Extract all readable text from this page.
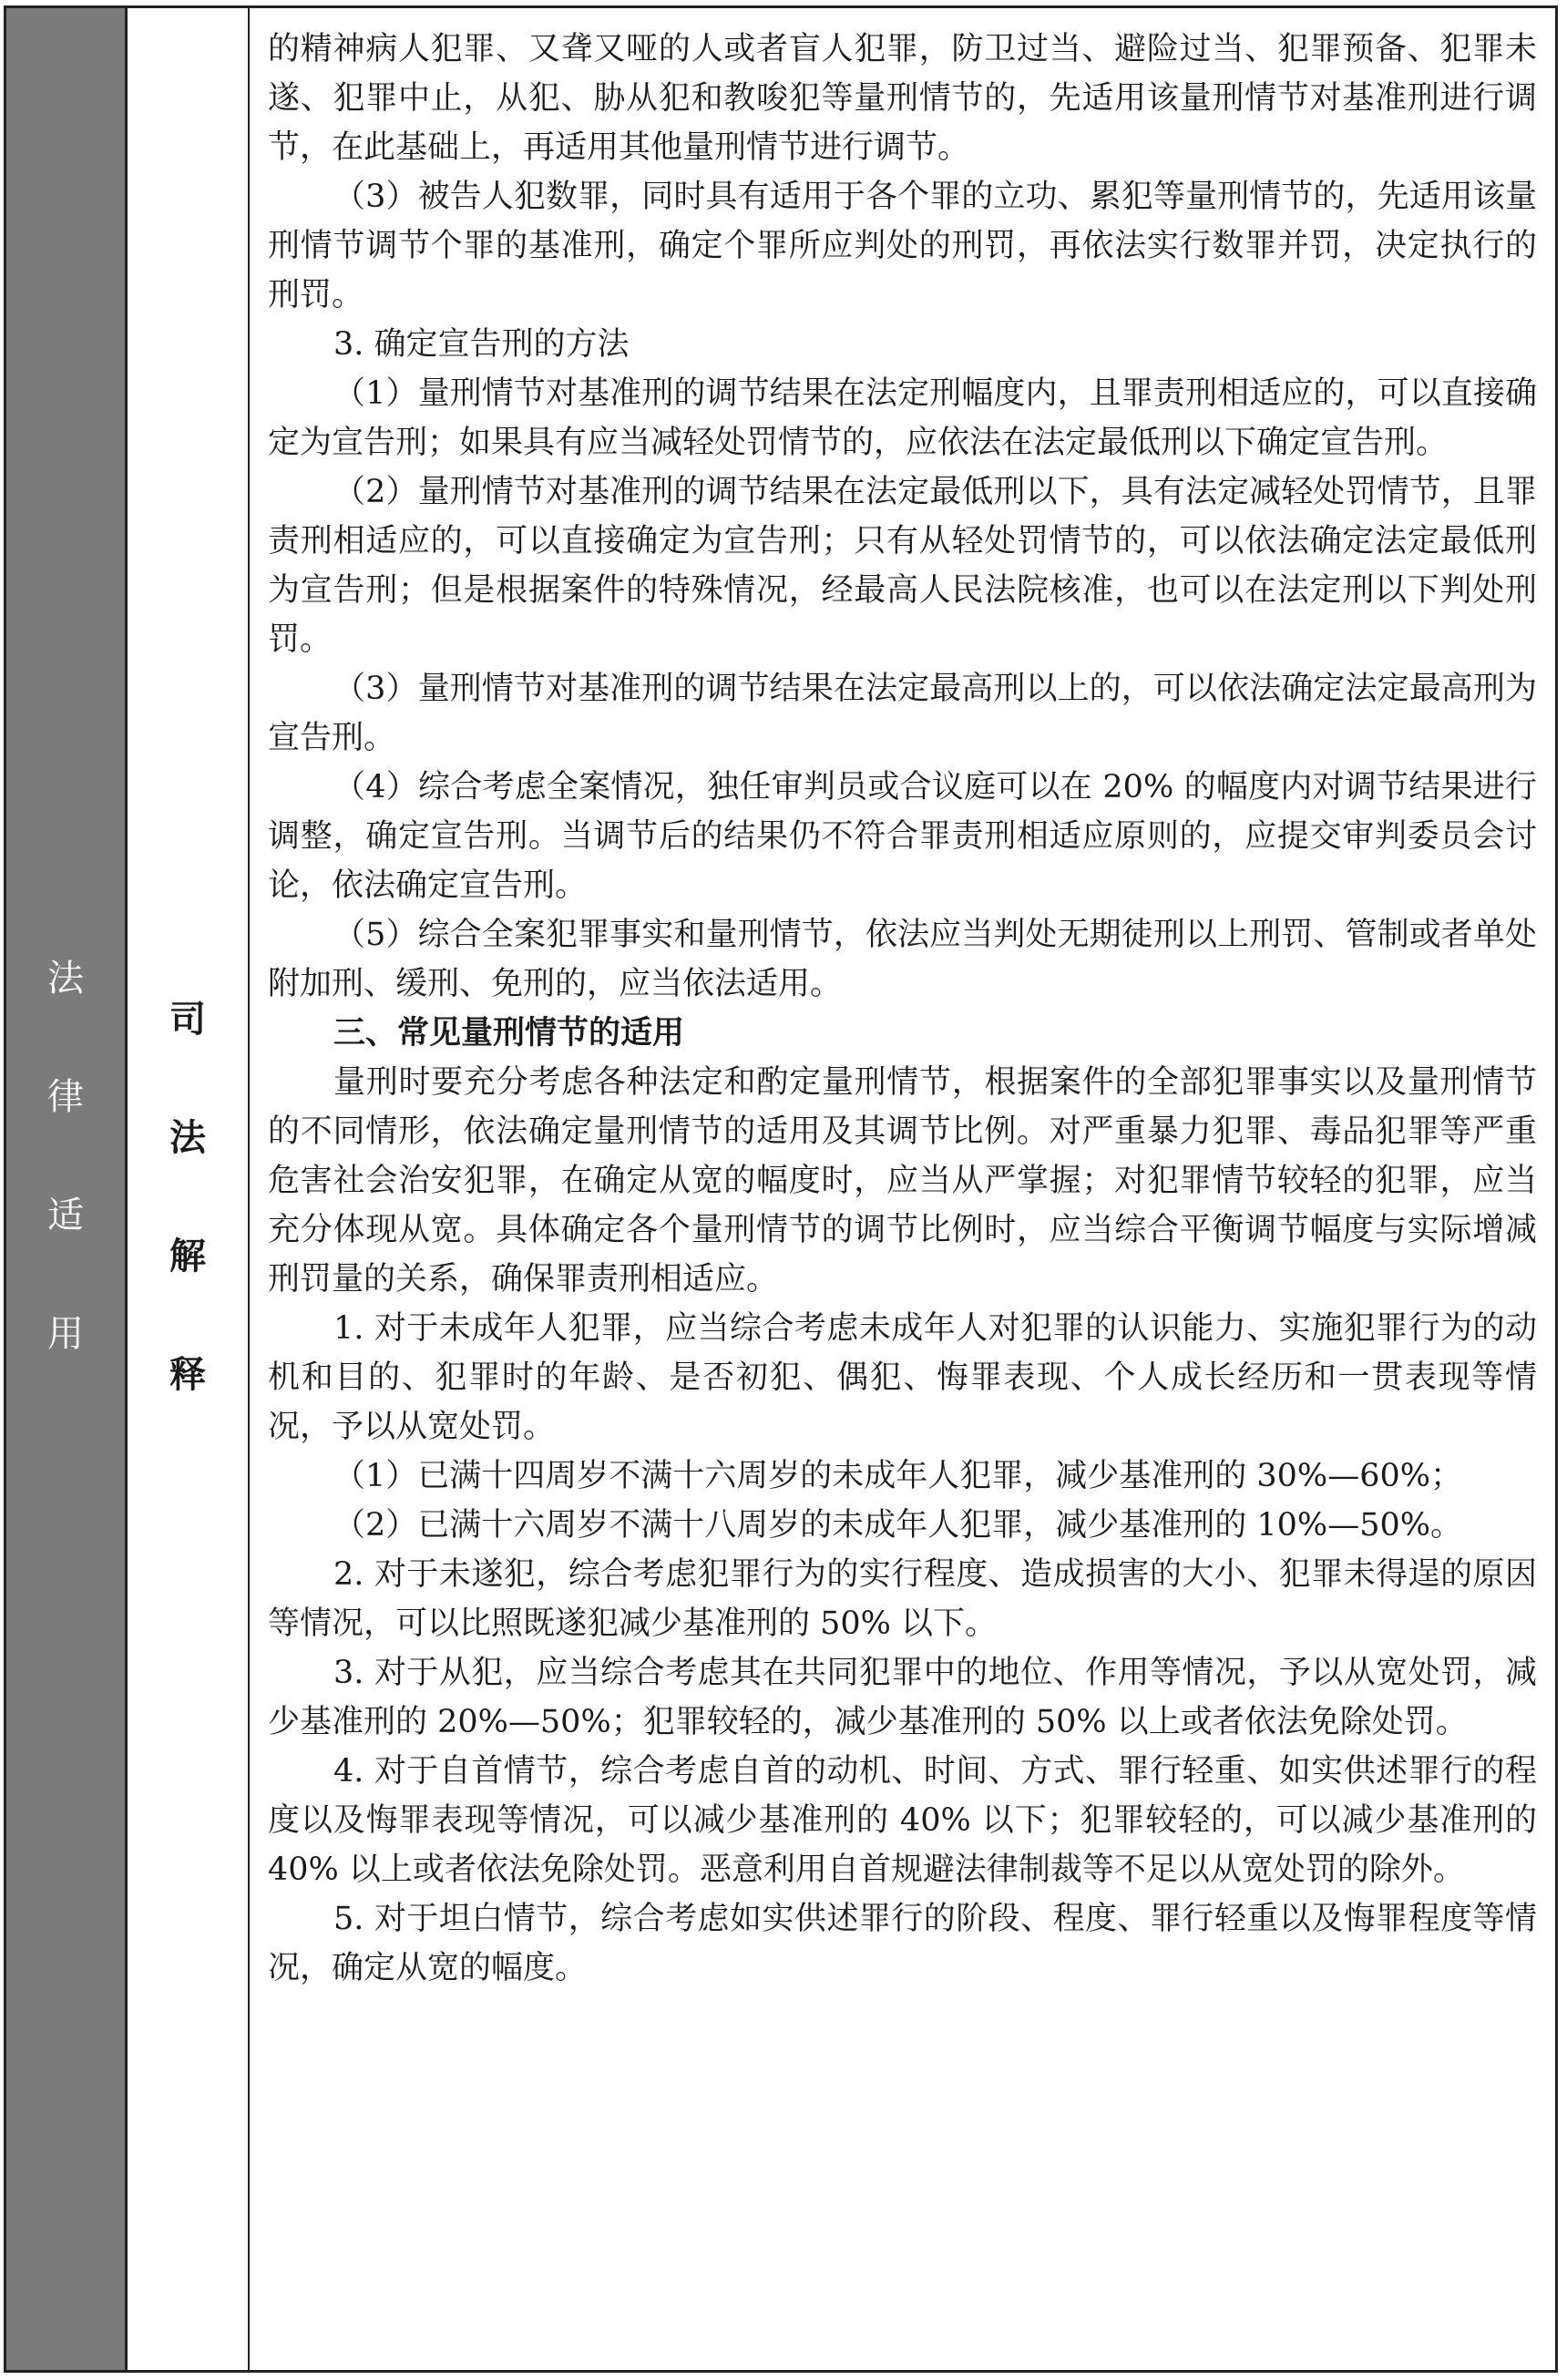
法
律
适
用
司
法
解
释

的精神病人犯罪、又聋又哑的人或者盲人犯罪，防卫过当、避险过当、犯罪预备、犯罪未遂、犯罪中止，从犯、胁从犯和教唆犯等量刑情节的，先适用该量刑情节对基准刑进行调节，在此基础上，再适用其他量刑情节进行调节。

（3）被告人犯数罪，同时具有适用于各个罪的立功、累犯等量刑情节的，先适用该量刑情节调节个罪的基准刑，确定个罪所应判处的刑罚，再依法实行数罪并罚，决定执行的刑罚。

3. 确定宣告刑的方法

（1）量刑情节对基准刑的调节结果在法定刑幅度内，且罪责刑相适应的，可以直接确定为宣告刑；如果具有应当减轻处罚情节的，应依法在法定最低刑以下确定宣告刑。

（2）量刑情节对基准刑的调节结果在法定最低刑以下，具有法定减轻处罚情节，且罪责刑相适应的，可以直接确定为宣告刑；只有从轻处罚情节的，可以依法确定法定最低刑为宣告刑；但是根据案件的特殊情况，经最高人民法院核准，也可以在法定刑以下判处刑罚。

（3）量刑情节对基准刑的调节结果在法定最高刑以上的，可以依法确定法定最高刑为宣告刑。

（4）综合考虑全案情况，独任审判员或合议庭可以在 20% 的幅度内对调节结果进行调整，确定宣告刑。当调节后的结果仍不符合罪责刑相适应原则的，应提交审判委员会讨论，依法确定宣告刑。

（5）综合全案犯罪事实和量刑情节，依法应当判处无期徒刑以上刑罚、管制或者单处附加刑、缓刑、免刑的，应当依法适用。

三、常见量刑情节的适用

量刑时要充分考虑各种法定和酌定量刑情节，根据案件的全部犯罪事实以及量刑情节的不同情形，依法确定量刑情节的适用及其调节比例。对严重暴力犯罪、毒品犯罪等严重危害社会治安犯罪，在确定从宽的幅度时，应当从严掌握；对犯罪情节较轻的犯罪，应当充分体现从宽。具体确定各个量刑情节的调节比例时，应当综合平衡调节幅度与实际增减刑罚量的关系，确保罪责刑相适应。

1. 对于未成年人犯罪，应当综合考虑未成年人对犯罪的认识能力、实施犯罪行为的动机和目的、犯罪时的年龄、是否初犯、偶犯、悔罪表现、个人成长经历和一贯表现等情况，予以从宽处罚。

（1）已满十四周岁不满十六周岁的未成年人犯罪，减少基准刑的 30%—60%；

（2）已满十六周岁不满十八周岁的未成年人犯罪，减少基准刑的 10%—50%。

2. 对于未遂犯，综合考虑犯罪行为的实行程度、造成损害的大小、犯罪未得逞的原因等情况，可以比照既遂犯减少基准刑的 50% 以下。

3. 对于从犯，应当综合考虑其在共同犯罪中的地位、作用等情况，予以从宽处罚，减少基准刑的 20%—50%；犯罪较轻的，减少基准刑的 50% 以上或者依法免除处罚。

4. 对于自首情节，综合考虑自首的动机、时间、方式、罪行轻重、如实供述罪行的程度以及悔罪表现等情况，可以减少基准刑的 40% 以下；犯罪较轻的，可以减少基准刑的 40% 以上或者依法免除处罚。恶意利用自首规避法律制裁等不足以从宽处罚的除外。

5. 对于坦白情节，综合考虑如实供述罪行的阶段、程度、罪行轻重以及悔罪程度等情况，确定从宽的幅度。
